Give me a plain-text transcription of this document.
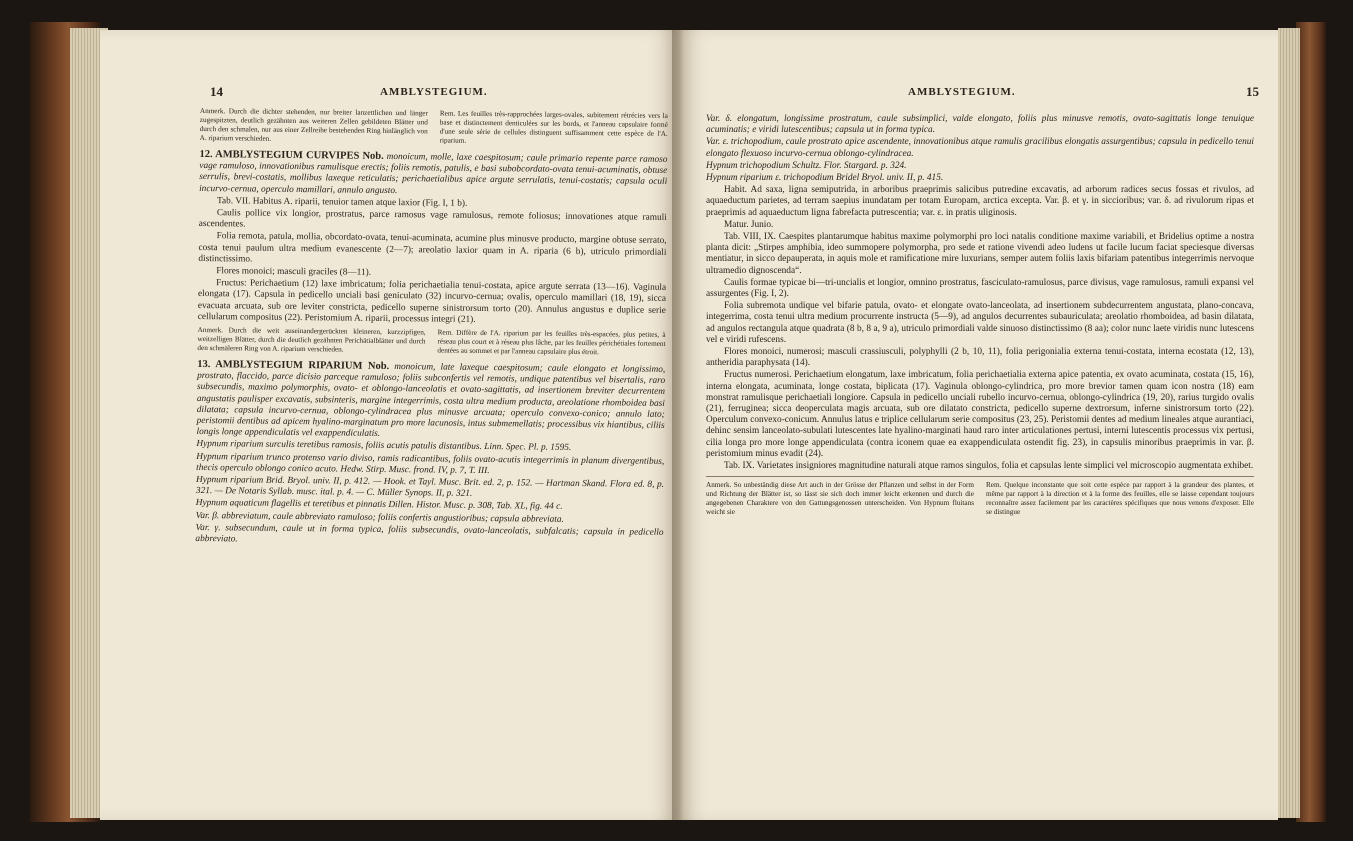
14	AMBLYSTEGIUM.
Anmerk. Durch die dichter stehenden, nur breiter lanzettlichen und länger zugespitzten, deutlich gezähnten aus weiteren Zellen gebildeten Blätter und durch den schmalen, nur aus einer Zellreihe bestehenden Ring hinlänglich von A. riparium verschieden.
Rem. Les feuilles très-rapprochées larges-ovales, subitement rétrécies vers la base et distinctement denticulées sur les bords, et l'anneau capsulaire formé d'une seule série de cellules distinguent suffisamment cette espèce de l'A. riparium.

12. AMBLYSTEGIUM CURVIPES Nob. monoicum, molle, laxe caespitosum; caule primario repente parce ramoso vage ramuloso, innovationibus ramulisque erectis; foliis remotis, patulis, e basi subobcordato-ovata tenui-acuminatis, obtuse serrulis, brevi-costatis, mollibus laxeque reticulatis; perichaetialibus apice argute serrulatis, tenui-costatis; capsula oculi incurvo-cernua, operculo mamillari, annulo angusto.

Tab. VII. Habitus A. riparii, tenuior tamen atque laxior (Fig. I, 1 b).

Caulis pollice vix longior, prostratus, parce ramosus vage ramulosus, remote foliosus; innovationes atque ramuli ascendentes.

Folia remota, patula, mollia, obcordato-ovata, tenui-acuminata, acumine plus minusve producto, margine obtuse serrato, costa tenui paulum ultra medium evanescente (2—7); areolatio laxior quam in A. riparia (6 b), utriculo primordiali distinctissimo.

Flores monoici; masculi graciles (8—11).

Fructus: Perichaetium (12) laxe imbricatum; folia perichaetialia tenui-costata, apice argute serrata (13—16). Vaginula elongata (17). Capsula in pedicello unciali basi geniculato (32) incurvo-cernua; ovalis, operculo mamillari (18, 19), sicca evacuata arcuata, sub ore leviter constricta, pedicello superne sinistrorsum torto (20). Annulus angustus e duplice serie cellularum compositus (22). Peristomium A. riparii, processus integri (21).

Anmerk. Durch die weit auseinandergerückten kleineren, kurzzipfigen, weitzelligen Blätter, durch die deutlich gezähnten Perichätialblätter und durch den schmäleren Ring von A. riparium verschieden.
Rem. Diffère de l'A. riparium par les feuilles très-espacées, plus petites, à réseau plus court et à réseau plus lâche, par les feuilles périchétiales fortement dentées au sommet et par l'anneau capsulaire plus étroit.

13. AMBLYSTEGIUM RIPARIUM Nob. monoicum, late laxeque caespitosum; caule elongato et longissimo, prostrato, flaccido, parce dicisio parceque ramuloso; foliis subconfertis vel remotis, undique patentibus vel bisertalis, raro subsecundis, maximo polymorphis, ovato- et oblongo-lanceolatis et ovato-sagittatis, ad insertionem breviter decurrentem angustatis paulisper excavatis, subsinteris, margine integerrimis, costa ultra medium producta, areolatione rhomboidea basi dilatata; capsula incurvo-cernua, oblongo-cylindracea plus minusve arcuata; operculo convexo-conico; annulo lato; peristomii dentibus ad apicem hyalino-marginatum pro more lacunosis, intus submemellatis; processibus vix hiantibus, ciliis longis longe appendiculatis vel exappendiculatis.

Hypnum riparium surculis teretibus ramosis, foliis acutis patulis distantibus. Linn. Spec. Pl. p. 1595.

Hypnum riparium trunco protenso vario diviso, ramis radicantibus, foliis ovato-acutis integerrimis in planum divergentibus, thecis operculo oblongo conico acuto. Hedw. Stirp. Musc. frond. IV, p. 7, T. III.

Hypnum riparium Brid. Bryol. univ. II, p. 412. — Hook. et Tayl. Musc. Brit. ed. 2, p. 152. — Hartman Skand. Flora ed. 8, p. 321. — De Notaris Syllab. musc. ital. p. 4. — C. Müller Synops. II, p. 321.

Hypnum aquaticum flagellis et teretibus et pinnatis Dillen. Histor. Musc. p. 308, Tab. XL, fig. 44 c.

Var. β. abbreviatum, caule abbreviato ramuloso; foliis confertis angustioribus; capsula abbreviata.

Var. γ. subsecundum, caule ut in forma typica, foliis subsecundis, ovato-lanceolatis, subfalcatis; capsula in pedicello abbreviato.

AMBLYSTEGIUM.	15

Var. δ. elongatum, longissime prostratum, caule subsimplici, valde elongato, foliis plus minusve remotis, ovato-sagittatis longe tenuique acuminatis; e viridi lutescentibus; capsula ut in forma typica.

Var. ε. trichopodium, caule prostrato apice ascendente, innovationibus atque ramulis gracilibus elongatis assurgentibus; capsula in pedicello tenui elongato flexuoso incurvo-cernua oblongo-cylindracea.

Hypnum trichopodium Schultz. Flor. Stargard. p. 324.

Hypnum riparium ε. trichopodium Bridel Bryol. univ. II, p. 415.

Habit. Ad saxa, ligna semiputrida, in arboribus praeprimis salicibus putredine excavatis, ad arborum radices secus fossas et rivulos, ad aquaeductum parietes, ad terram saepius inundatam per totam Europam, arctica excepta. Var. β. et γ. in siccioribus; var. δ. ad rivulorum ripas et praeprimis ad aquaeductum ligna fabrefacta putrescentia; var. ε. in pratis uliginosis.

Matur. Junio.

Tab. VIII, IX. Caespites plantarumque habitus maxime polymorphi pro loci natalis conditione maxime variabili, et Bridelius optime a nostra planta dicit: „Stirpes amphibia, ideo summopere polymorpha, pro sede et ratione vivendi adeo ludens ut facile lucum faciat speciesque diversas mentiatur, in sicco depauperata, in aquis mole et ramificatione mire luxurians, semper autem foliis laxis bifariam patentibus integerrimis nervoque ultramedio dignoscenda“.

Caulis formae typicae bi—tri-uncialis et longior, omnino prostratus, fasciculato-ramulosus, parce divisus, vage ramulosus, ramuli expansi vel assurgentes (Fig. I, 2).

Folia subremota undique vel bifarie patula, ovato- et elongate ovato-lanceolata, ad insertionem subdecurrentem angustata, plano-concava, integerrima, costa tenui ultra medium procurrente instructa (5—9), ad angulos decurrentes subauriculata; areolatio rhomboidea, ad basin dilatata, ad angulos rectangula atque quadrata (8 b, 8 a, 9 a), utriculo primordiali valde sinuoso distinctissimo (8 aa); color nunc laete viridis nunc lutescens vel e viridi rufescens.

Flores monoici, numerosi; masculi crassiusculi, polyphylli (2 b, 10, 11), folia perigonialia externa tenui-costata, interna ecostata (12, 13), antheridia paraphysata (14).

Fructus numerosi. Perichaetium elongatum, laxe imbricatum, folia perichaetialia externa apice patentia, ex ovato acuminata, costata (15, 16), interna elongata, acuminata, longe costata, biplicata (17). Vaginula oblongo-cylindrica, pro more brevior tamen quam icon nostra (18) eam monstrat ramulisque perichaetiali longiore. Capsula in pedicello unciali rubello incurvo-cernua, oblongo-cylindrica (19, 20), rarius turgido ovalis (21), ferruginea; sicca deoperculata magis arcuata, sub ore dilatato constricta, pedicello superne dextrorsum, inferne sinistrorsum torto (22). Operculum convexo-conicum. Annulus latus e triplice cellularum serie compositus (23, 25). Peristomii dentes ad medium lineales atque aurantiaci, dehinc sensim lanceolato-subulati lutescentes late hyalino-marginati haud raro inter articulationes pertusi, interni lutescentis processus vix pertusi, cilia longa pro more longe appendiculata (contra iconem quae ea exappendiculata ostendit fig. 23), in capsulis minoribus praeprimis in var. β. peristomium minus evadit (24).

Tab. IX. Varietates insigniores magnitudine naturali atque ramos singulos, folia et capsulas lente simplici vel microscopio augmentata exhibet.

Anmerk. So unbeständig diese Art auch in der Grösse der Pflanzen und selbst in der Form und Richtung der Blätter ist, so lässt sie sich doch immer leicht erkennen und durch die angegebenen Charaktere von den Gattungsgenossen unterscheiden. Von Hypnum fluitans weicht sie
Rem. Quelque inconstante que soit cette espèce par rapport à la grandeur des plantes, et même par rapport à la direction et à la forme des feuilles, elle se laisse cependant toujours reconnaître assez facilement par les caractères spécifiques que nous venons d'exposer. Elle se distingue
